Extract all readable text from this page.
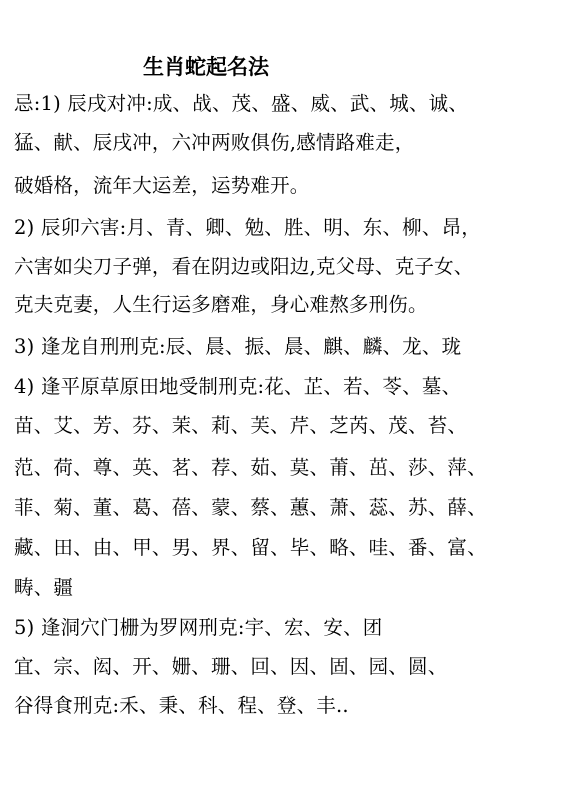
生肖蛇起名法
忌:1) 辰戌对冲:成、战、茂、盛、威、武、城、诚、
猛、献、辰戌冲，六冲两败俱伤,感情路难走，
破婚格，流年大运差，运势难开。
2) 辰卯六害:月、青、卿、勉、胜、明、东、柳、昂，
六害如尖刀子弹，看在阴边或阳边,克父母、克子女、
克夫克妻，人生行运多磨难，身心难熬多刑伤。
3) 逢龙自刑刑克:辰、晨、振、晨、麒、麟、龙、珑
4) 逢平原草原田地受制刑克:花、芷、若、苓、墓、
苗、艾、芳、芬、茉、莉、芙、芹、芝芮、茂、苔、
范、荷、尊、英、茗、荐、茹、莫、莆、茁、莎、萍、
菲、菊、董、葛、蓓、蒙、蔡、蕙、萧、蕊、苏、薛、
藏、田、由、甲、男、界、留、毕、略、哇、番、富、
畴、疆
5) 逢洞穴门栅为罗网刑克:宇、宏、安、团
宜、宗、闳、开、姗、珊、回、因、固、园、圆、
谷得食刑克:禾、秉、科、程、登、丰..
